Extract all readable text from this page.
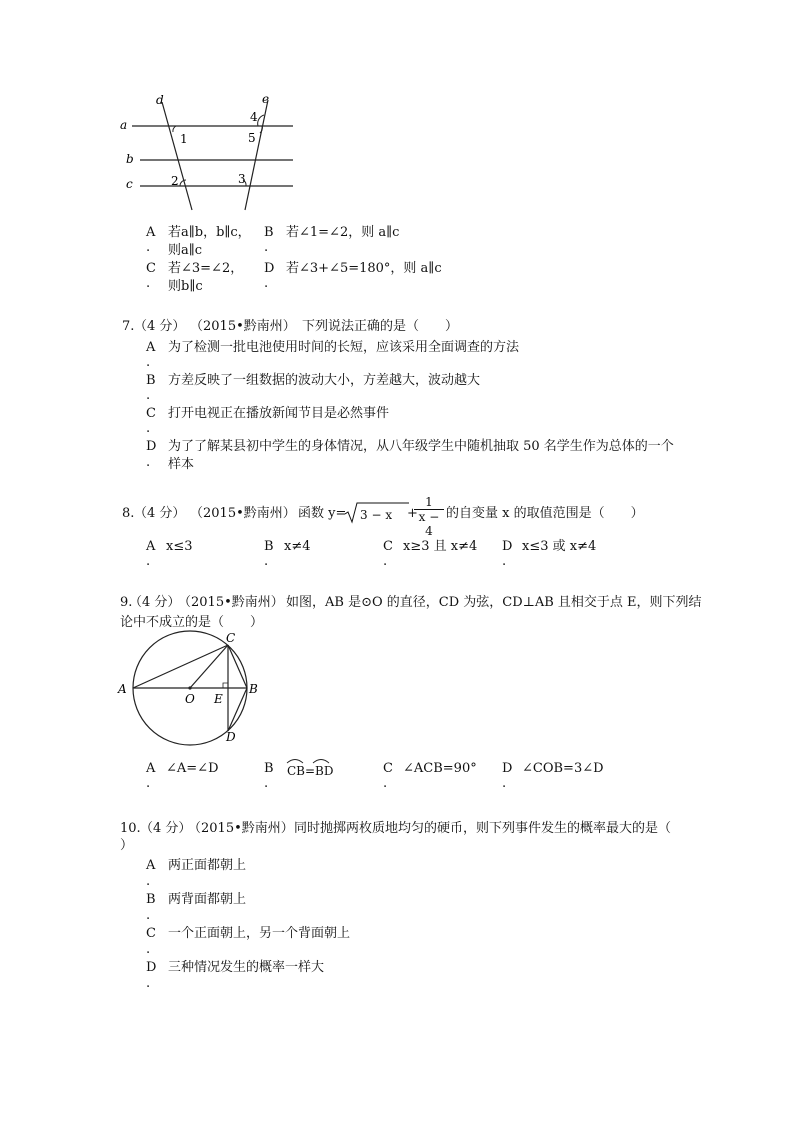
a
b
c
d	e
1
2	3
4
5
A
.
若a∥b，b∥c，
则a∥c
B
.
若∠1=∠2，则 a∥c
C
.
若∠3=∠2，
则b∥c
D
.
若∠3+∠5=180°，则 a∥c
7. （4 分） （2015•黔南州） 下列说法正确的是（　　）
A
.
为了检测一批电池使用时间的长短，应该采用全面调查的方法
B
.
方差反映了一组数据的波动大小，方差越大，波动越大
C
.
打开电视正在播放新闻节目是必然事件
D
.
为了了解某县初中学生的身体情况，从八年级学生中随机抽取 50 名学生作为总体的一个
样本
8. （4 分） （2015•黔南州） 函数 y= 3 − x +
$\frac{1}{x - 4}$ 的自变量 x 的取值范围是（　　）
A
.
x≤3	B
.
x≠4	C
.
x≥3 且 x≠4 D
.
x≤3 或 x≠4
9.
（4 分）
（2015•黔南州） 如图，AB 是⊙O 的直径，CD 为弦，CD⊥AB 且相交于点 E，则下列结
论中不成立的是（　　）
A	B
C
D
O E
A
.
∠A=∠D	B
.
CB=BD	C
.
∠ACB=90° D
.
∠COB=3∠D
10. （4 分）
（2015•黔南州） 同时抛掷两枚质地均匀的硬币，则下列事件发生的概率最大的是（
）
A
.
两正面都朝上
B
.
两背面都朝上
C
.
一个正面朝上，另一个背面朝上
D
.
三种情况发生的概率一样大
